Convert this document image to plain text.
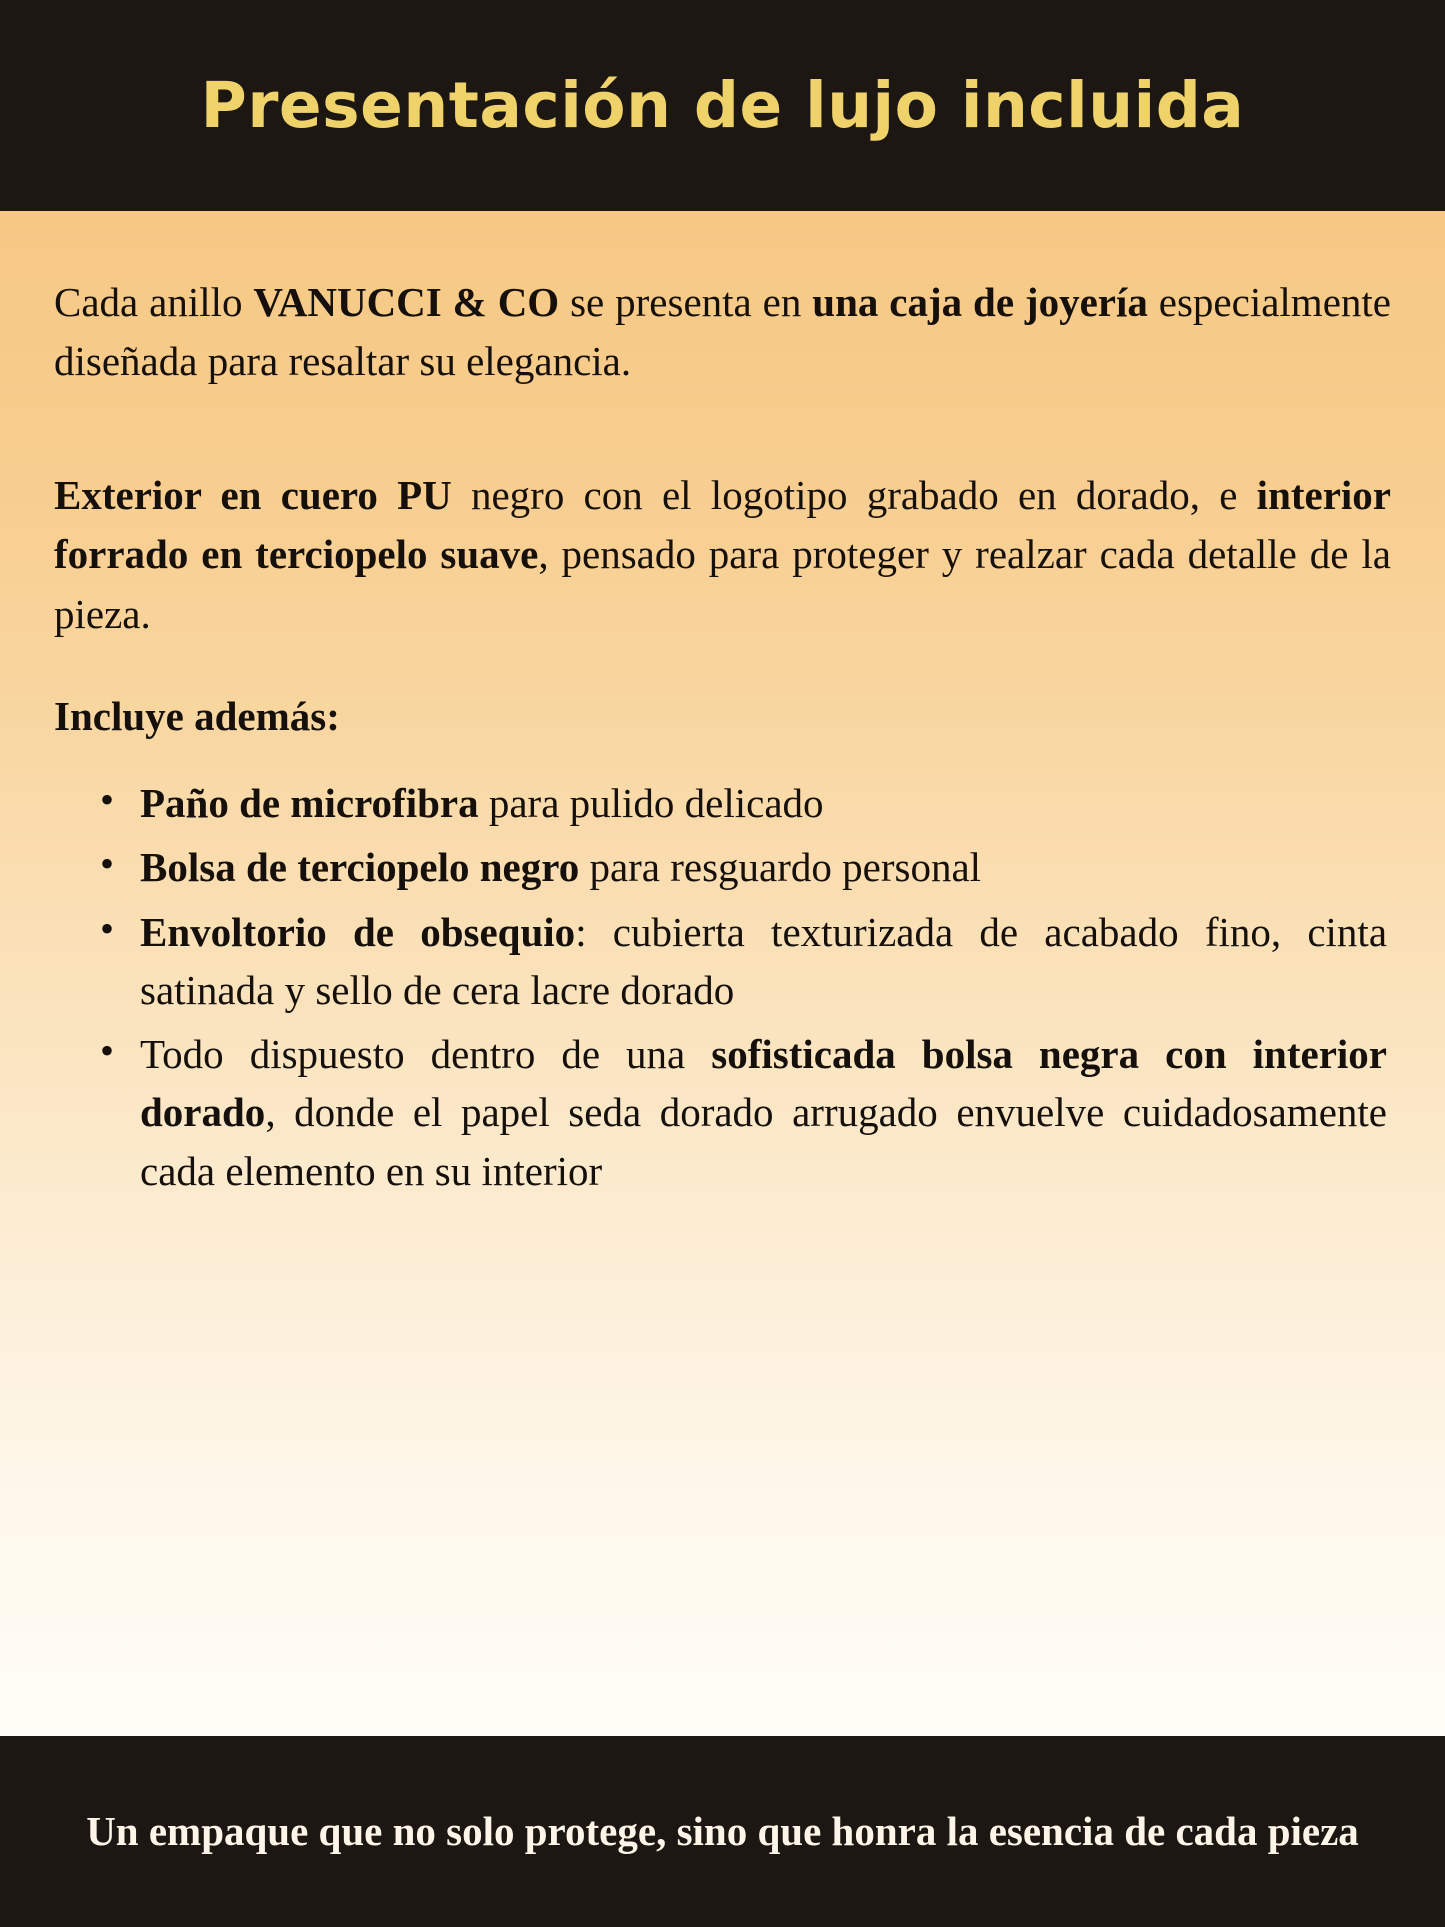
Presentación de lujo incluida

Cada anillo VANUCCI & CO se presenta en una caja de joyería especialmente diseñada para resaltar su elegancia.

Exterior en cuero PU negro con el logotipo grabado en dorado, e interior forrado en terciopelo suave, pensado para proteger y realzar cada detalle de la pieza.

Incluye además:
• Paño de microfibra para pulido delicado
• Bolsa de terciopelo negro para resguardo personal
• Envoltorio de obsequio: cubierta texturizada de acabado fino, cinta satinada y sello de cera lacre dorado
• Todo dispuesto dentro de una sofisticada bolsa negra con interior dorado, donde el papel seda dorado arrugado envuelve cuidadosamente cada elemento en su interior
Un empaque que no solo protege, sino que honra la esencia de cada pieza
